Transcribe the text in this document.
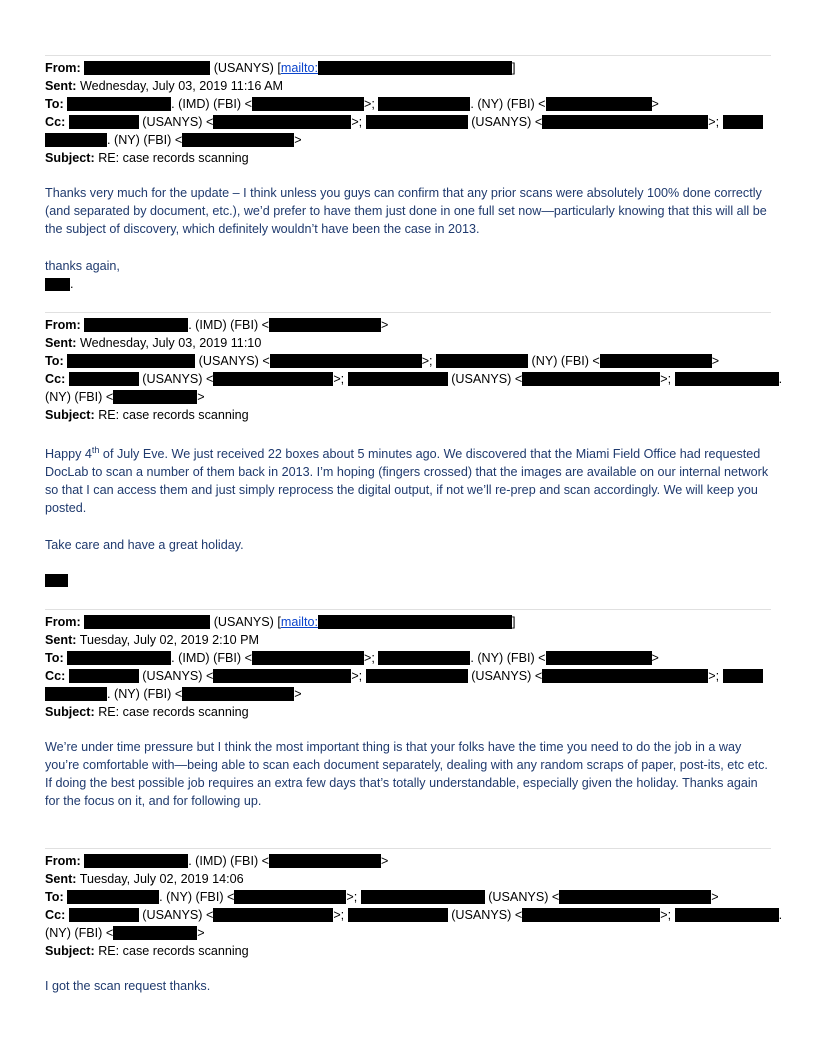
From:	(USANYS) [mailto:	]
Sent: Wednesday, July 03, 2019 11:16 AM
To:	. (IMD) (FBI) <	>;	. (NY) (FBI) <	>
Cc:	(USANYS) <	>;	(USANYS) <	>;
. (NY) (FBI) <	>
Subject: RE: case records scanning

Thanks very much for the update – I think unless you guys can confirm that any prior scans were absolutely 100% done correctly (and separated by document, etc.), we’d prefer to have them just done in one full set now—particularly knowing that this will all be the subject of discovery, which definitely wouldn’t have been the case in 2013.

thanks again,

.
From:	. (IMD) (FBI) <	>
Sent: Wednesday, July 03, 2019 11:10
To:	(USANYS) <	>;	(NY) (FBI) <	>
Cc:	(USANYS) <	>;	(USANYS) <	>;	.
(NY) (FBI) <	>
Subject: RE: case records scanning

Happy 4th of July Eve. We just received 22 boxes about 5 minutes ago. We discovered that the Miami Field Office had requested DocLab to scan a number of them back in 2013. I’m hoping (fingers crossed) that the images are available on our internal network so that I can access them and just simply reprocess the digital output, if not we’ll re-prep and scan accordingly. We will keep you posted.

Take care and have a great holiday.

From:	(USANYS) [mailto:	]
Sent: Tuesday, July 02, 2019 2:10 PM
To:	. (IMD) (FBI) <	>;	. (NY) (FBI) <	>
Cc:	(USANYS) <	>;	(USANYS) <	>;
. (NY) (FBI) <	>
Subject: RE: case records scanning

We’re under time pressure but I think the most important thing is that your folks have the time you need to do the job in a way you’re comfortable with—being able to scan each document separately, dealing with any random scraps of paper, post-its, etc etc. If doing the best possible job requires an extra few days that’s totally understandable, especially given the holiday. Thanks again for the focus on it, and for following up.

From:	. (IMD) (FBI) <	>
Sent: Tuesday, July 02, 2019 14:06
To:	. (NY) (FBI) <	>;	(USANYS) <	>
Cc:	(USANYS) <	>;	(USANYS) <	>;	.
(NY) (FBI) <	>
Subject: RE: case records scanning

I got the scan request thanks.
